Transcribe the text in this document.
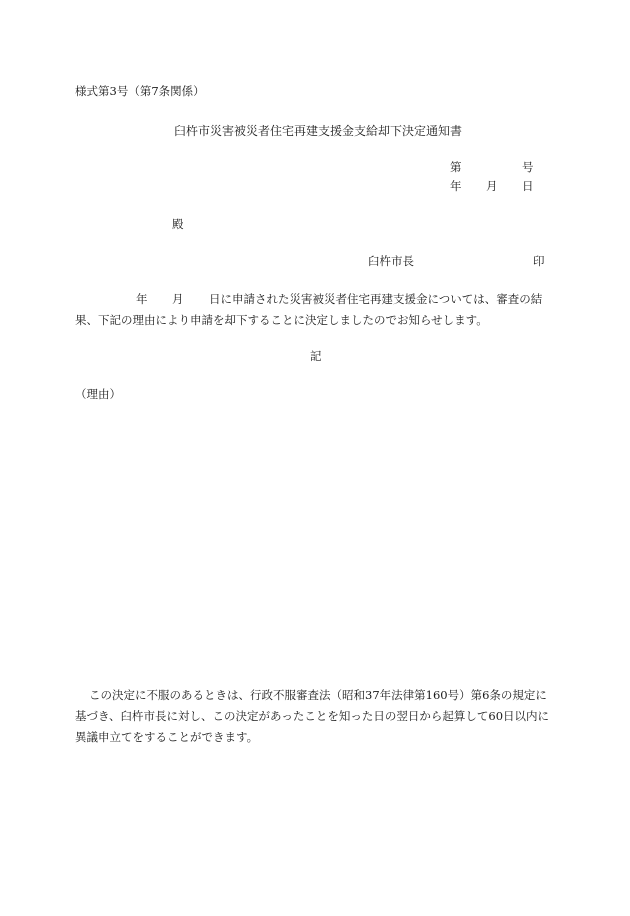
様式第3号（第7条関係）
臼杵市災害被災者住宅再建支援金支給却下決定通知書
第	号
年 月 日
殿
臼杵市長	印
年 月	日に申請された災害被災者住宅再建支援金については、審査の結果、下記の理由により申請を却下することに決定しましたのでお知らせします。
記
（理由）
この決定に不服のあるときは、行政不服審査法（昭和37年法律第160号）第6条の規定に基づき、臼杵市長に対し、この決定があったことを知った日の翌日から起算して60日以内に異議申立てをすることができます。
